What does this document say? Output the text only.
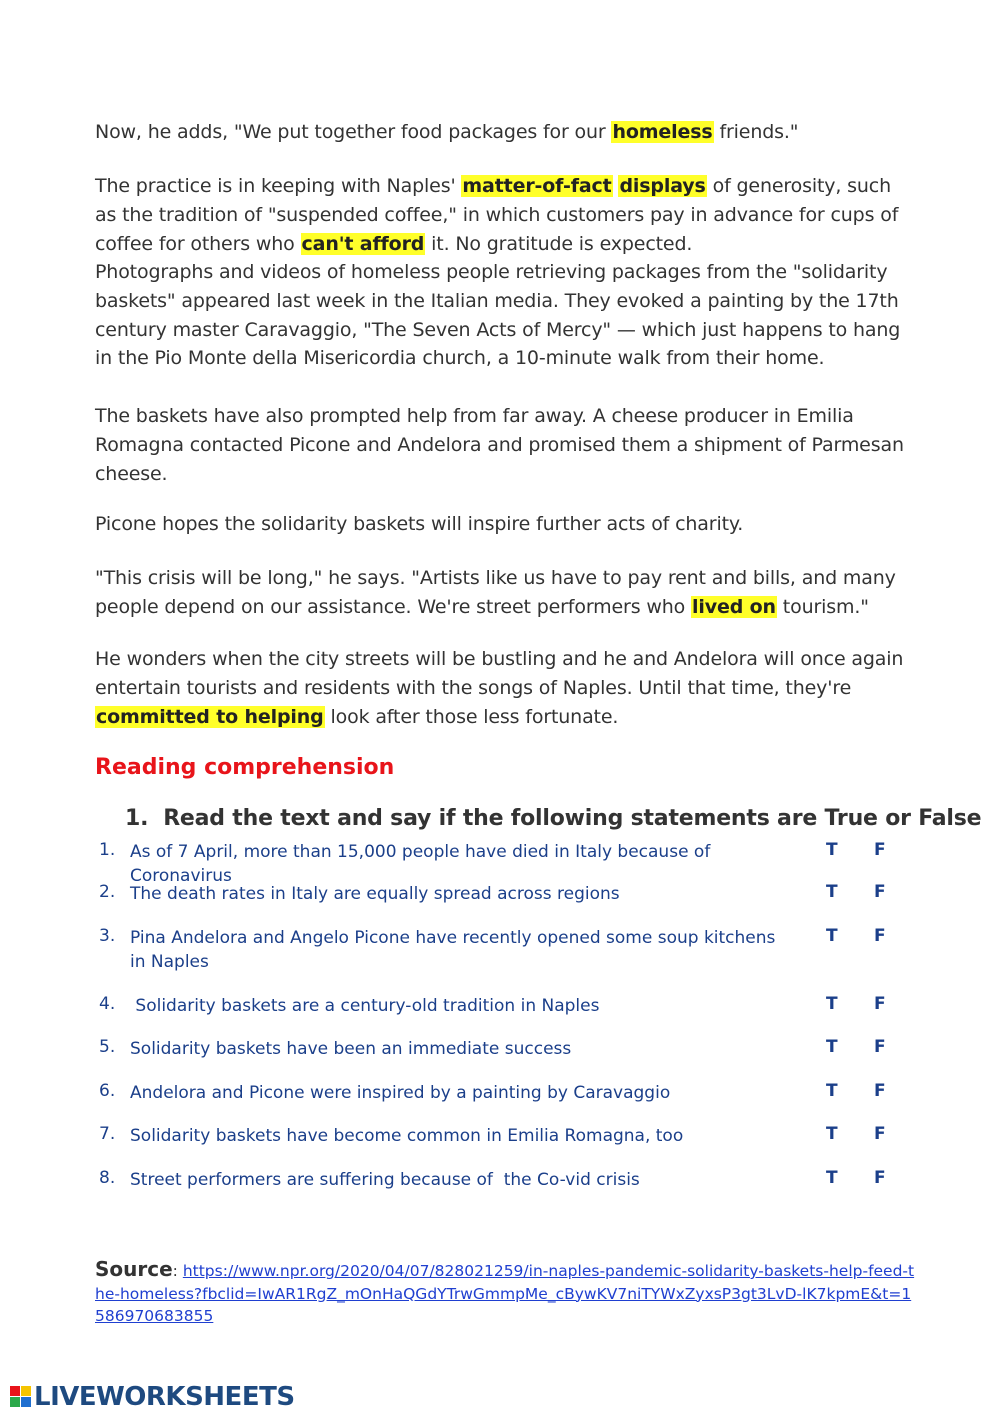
Now, he adds, "We put together food packages for our homeless friends."

The practice is in keeping with Naples' matter-of-fact displays of generosity, such as the tradition of "suspended coffee," in which customers pay in advance for cups of coffee for others who can't afford it. No gratitude is expected.

Photographs and videos of homeless people retrieving packages from the "solidarity baskets" appeared last week in the Italian media. They evoked a painting by the 17th century master Caravaggio, "The Seven Acts of Mercy" — which just happens to hang in the Pio Monte della Misericordia church, a 10-minute walk from their home.

The baskets have also prompted help from far away. A cheese producer in Emilia Romagna contacted Picone and Andelora and promised them a shipment of Parmesan cheese.

Picone hopes the solidarity baskets will inspire further acts of charity.

"This crisis will be long," he says. "Artists like us have to pay rent and bills, and many people depend on our assistance. We're street performers who lived on tourism."

He wonders when the city streets will be bustling and he and Andelora will once again entertain tourists and residents with the songs of Naples. Until that time, they're committed to helping look after those less fortunate.

Reading comprehension

1. Read the text and say if the following statements are True or False

1. As of 7 April, more than 15,000 people have died in Italy because of Coronavirus
T F
2. The death rates in Italy are equally spread across regions	T F
3. Pina Andelora and Angelo Picone have recently opened some soup kitchens in Naples
T F
4. Solidarity baskets are a century-old tradition in Naples	T F
5. Solidarity baskets have been an immediate success	T F
6. Andelora and Picone were inspired by a painting by Caravaggio	T F
7. Solidarity baskets have become common in Emilia Romagna, too	T F
8. Street performers are suffering because of  the Co-vid crisis	T F

Source: https://www.npr.org/2020/04/07/828021259/in-naples-pandemic-solidarity-baskets-help-feed-the-homeless?fbclid=IwAR1RgZ_mOnHaQGdYTrwGmmpMe_cBywKV7niTYWxZyxsP3gt3LvD-lK7kpmE&t=1586970683855

LIVEWORKSHEETS
